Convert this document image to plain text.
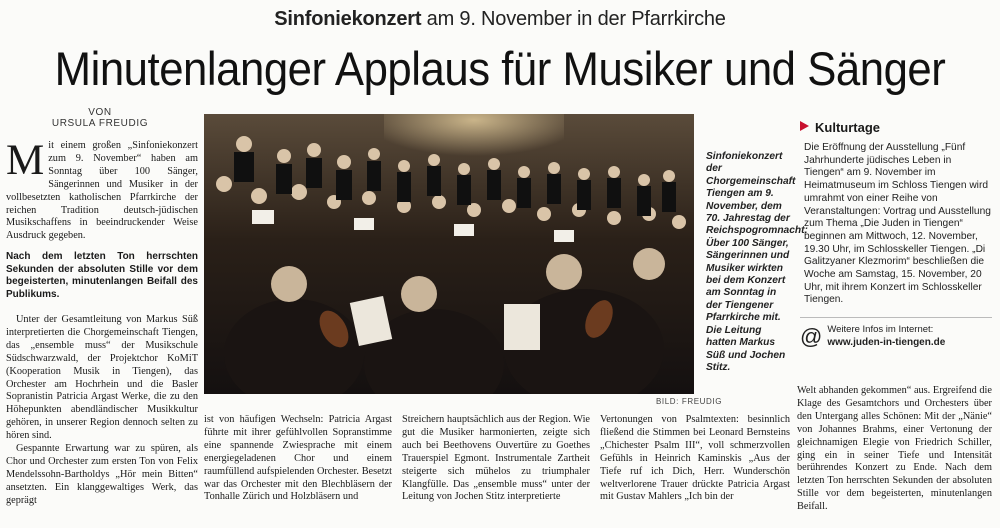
Sinfoniekonzert am 9. November in der Pfarrkirche
Minutenlanger Applaus für Musiker und Sänger
VON
URSULA FREUDIG

Mit einem großen „Sinfoniekonzert zum 9. November“ haben am Sonntag über 100 Sänger, Sängerinnen und Musiker in der vollbesetzten katholischen Pfarrkirche der reichen Tradition deutsch-jüdischen Musikschaffens in beeindruckender Weise Ausdruck gegeben.

Nach dem letzten Ton herrschten Sekunden der absoluten Stille vor dem begeisterten, minutenlangen Beifall des Publikums.

Unter der Gesamtleitung von Markus Süß interpretierten die Chorgemeinschaft Tiengen, das „ensemble muss“ der Musikschule Südschwarzwald, der Projektchor KoMiT (Kooperation Musik in Tiengen), das Orchester am Hochrhein und die Basler Sopranistin Patricia Argast Werke, die zu den Höhepunkten abendländischer Musikkultur gehören, in unserer Region dennoch selten zu hören sind.

Gespannte Erwartung war zu spüren, als Chor und Orchester zum ersten Ton von Felix Mendelssohn-Bartholdys „Hör mein Bitten“ ansetzten. Ein klanggewaltiges Werk, das geprägt

Sinfoniekonzert der Chorgemeinschaft Tiengen am 9. November, dem 70. Jahrestag der Reichspogromnacht: Über 100 Sänger, Sängerinnen und Musiker wirkten bei dem Konzert am Sonntag in der Tiengener Pfarrkirche mit. Die Leitung hatten Markus Süß und Jochen Stitz.
BILD: FREUDIG
ist von häufigen Wechseln: Patricia Argast führte mit ihrer gefühlvollen Sopranstimme eine spannende Zwiesprache mit einem energiegeladenen Chor und einem raumfüllend aufspielenden Orchester. Besetzt war das Orchester mit den Blechbläsern der Tonhalle Zürich und Holzbläsern und
Streichern hauptsächlich aus der Region. Wie gut die Musiker harmonierten, zeigte sich auch bei Beethovens Ouvertüre zu Goethes Trauerspiel Egmont. Instrumentale Zartheit steigerte sich mühelos zu triumphaler Klangfülle. Das „ensemble muss“ unter der Leitung von Jochen Stitz interpretierte
Vertonungen von Psalmtexten: besinnlich fließend die Stimmen bei Leonard Bernsteins „Chichester Psalm III“, voll schmerzvollen Gefühls in Heinrich Kaminskis „Aus der Tiefe ruf ich Dich, Herr. Wunderschön weltverlorene Trauer drückte Patricia Argast mit Gustav Mahlers „Ich bin der
Welt abhanden gekommen“ aus. Ergreifend die Klage des Gesamtchors und Orchesters über den Untergang alles Schönen: Mit der „Nänie“ von Johannes Brahms, einer Vertonung der gleichnamigen Elegie von Friedrich Schiller, ging ein in seiner Tiefe und Intensität berührendes Konzert zu Ende. Nach dem letzten Ton herrschten Sekunden der absoluten Stille vor dem begeisterten, minutenlangen Beifall.
Kulturtage
Die Eröffnung der Ausstellung „Fünf Jahrhunderte jüdisches Leben in Tiengen“ am 9. November im Heimatmuseum im Schloss Tiengen wird umrahmt von einer Reihe von Veranstaltungen: Vortrag und Ausstellung zum Thema „Die Juden in Tiengen“ beginnen am Mittwoch, 12. November, 19.30 Uhr, im Schlosskeller Tiengen. „Di Galitzyaner Klezmorim“ beschließen die Woche am Samstag, 15. November, 20 Uhr, mit ihrem Konzert im Schlosskeller Tiengen.
@ Weitere Infos im Internet:
www.juden-in-tiengen.de
